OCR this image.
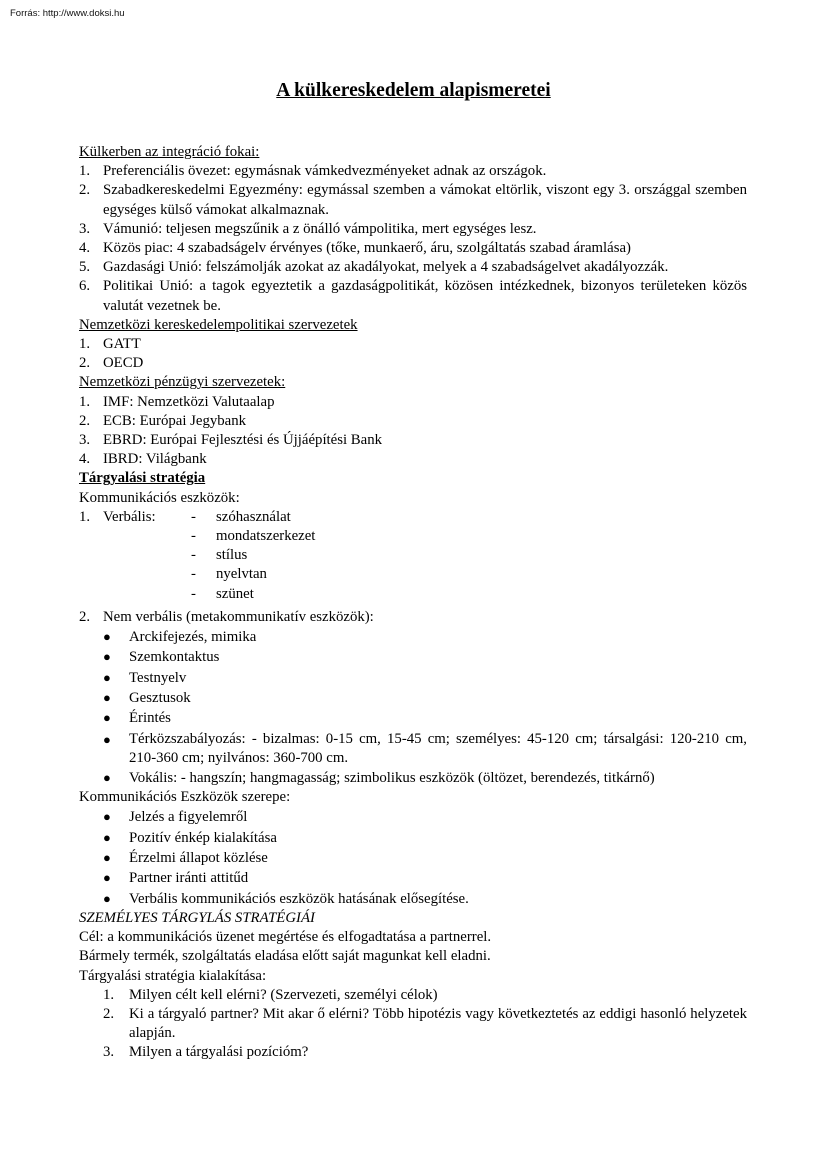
Forrás: http://www.doksi.hu
A külkereskedelem alapismeretei

Külkerben az integráció fokai:

1. Preferenciális övezet: egymásnak vámkedvezményeket adnak az országok.
2. Szabadkereskedelmi Egyezmény: egymással szemben a vámokat eltörlik, viszont egy 3. országgal szemben egységes külső vámokat alkalmaznak.
3. Vámunió: teljesen megszűnik a z önálló vámpolitika, mert egységes lesz.
4. Közös piac: 4 szabadságelv érvényes (tőke, munkaerő, áru, szolgáltatás szabad áramlása)
5. Gazdasági Unió: felszámolják azokat az akadályokat, melyek a 4 szabadságelvet akadályozzák.
6. Politikai Unió: a tagok egyeztetik a gazdaságpolitikát, közösen intézkednek, bizonyos területeken közös valutát vezetnek be.

Nemzetközi kereskedelempolitikai szervezetek

1. GATT
2. OECD

Nemzetközi pénzügyi szervezetek:

1. IMF: Nemzetközi Valutaalap
2. ECB: Európai Jegybank
3. EBRD: Európai Fejlesztési és Újjáépítési Bank
4. IBRD: Világbank

Tárgyalási stratégia

Kommunikációs eszközök:

1. Verbális:	-	szóhasználat
-	mondatszerkezet
-	stílus
-	nyelvtan
-	szünet
2. Nem verbális (metakommunikatív eszközök):
●	Arckifejezés, mimika
●	Szemkontaktus
●	Testnyelv
●	Gesztusok
●	Érintés
●	Térközszabályozás: - bizalmas: 0-15 cm, 15-45 cm; személyes: 45-120 cm; társalgási: 120-210 cm, 210-360 cm; nyilvános: 360-700 cm.
●	Vokális: - hangszín; hangmagasság; szimbolikus eszközök (öltözet, berendezés, titkárnő)

Kommunikációs Eszközök szerepe:

●	Jelzés a figyelemről
●	Pozitív énkép kialakítása
●	Érzelmi állapot közlése
●	Partner iránti attitűd
●	Verbális kommunikációs eszközök hatásának elősegítése.

SZEMÉLYES TÁRGYLÁS STRATÉGIÁI

Cél: a kommunikációs üzenet megértése és elfogadtatása a partnerrel.

Bármely termék, szolgáltatás eladása előtt saját magunkat kell eladni.

Tárgyalási stratégia kialakítása:

1.	Milyen célt kell elérni? (Szervezeti, személyi célok)
2.	Ki a tárgyaló partner? Mit akar ő elérni? Több hipotézis vagy következtetés az eddigi hasonló helyzetek alapján.
3.	Milyen a tárgyalási pozícióm?
